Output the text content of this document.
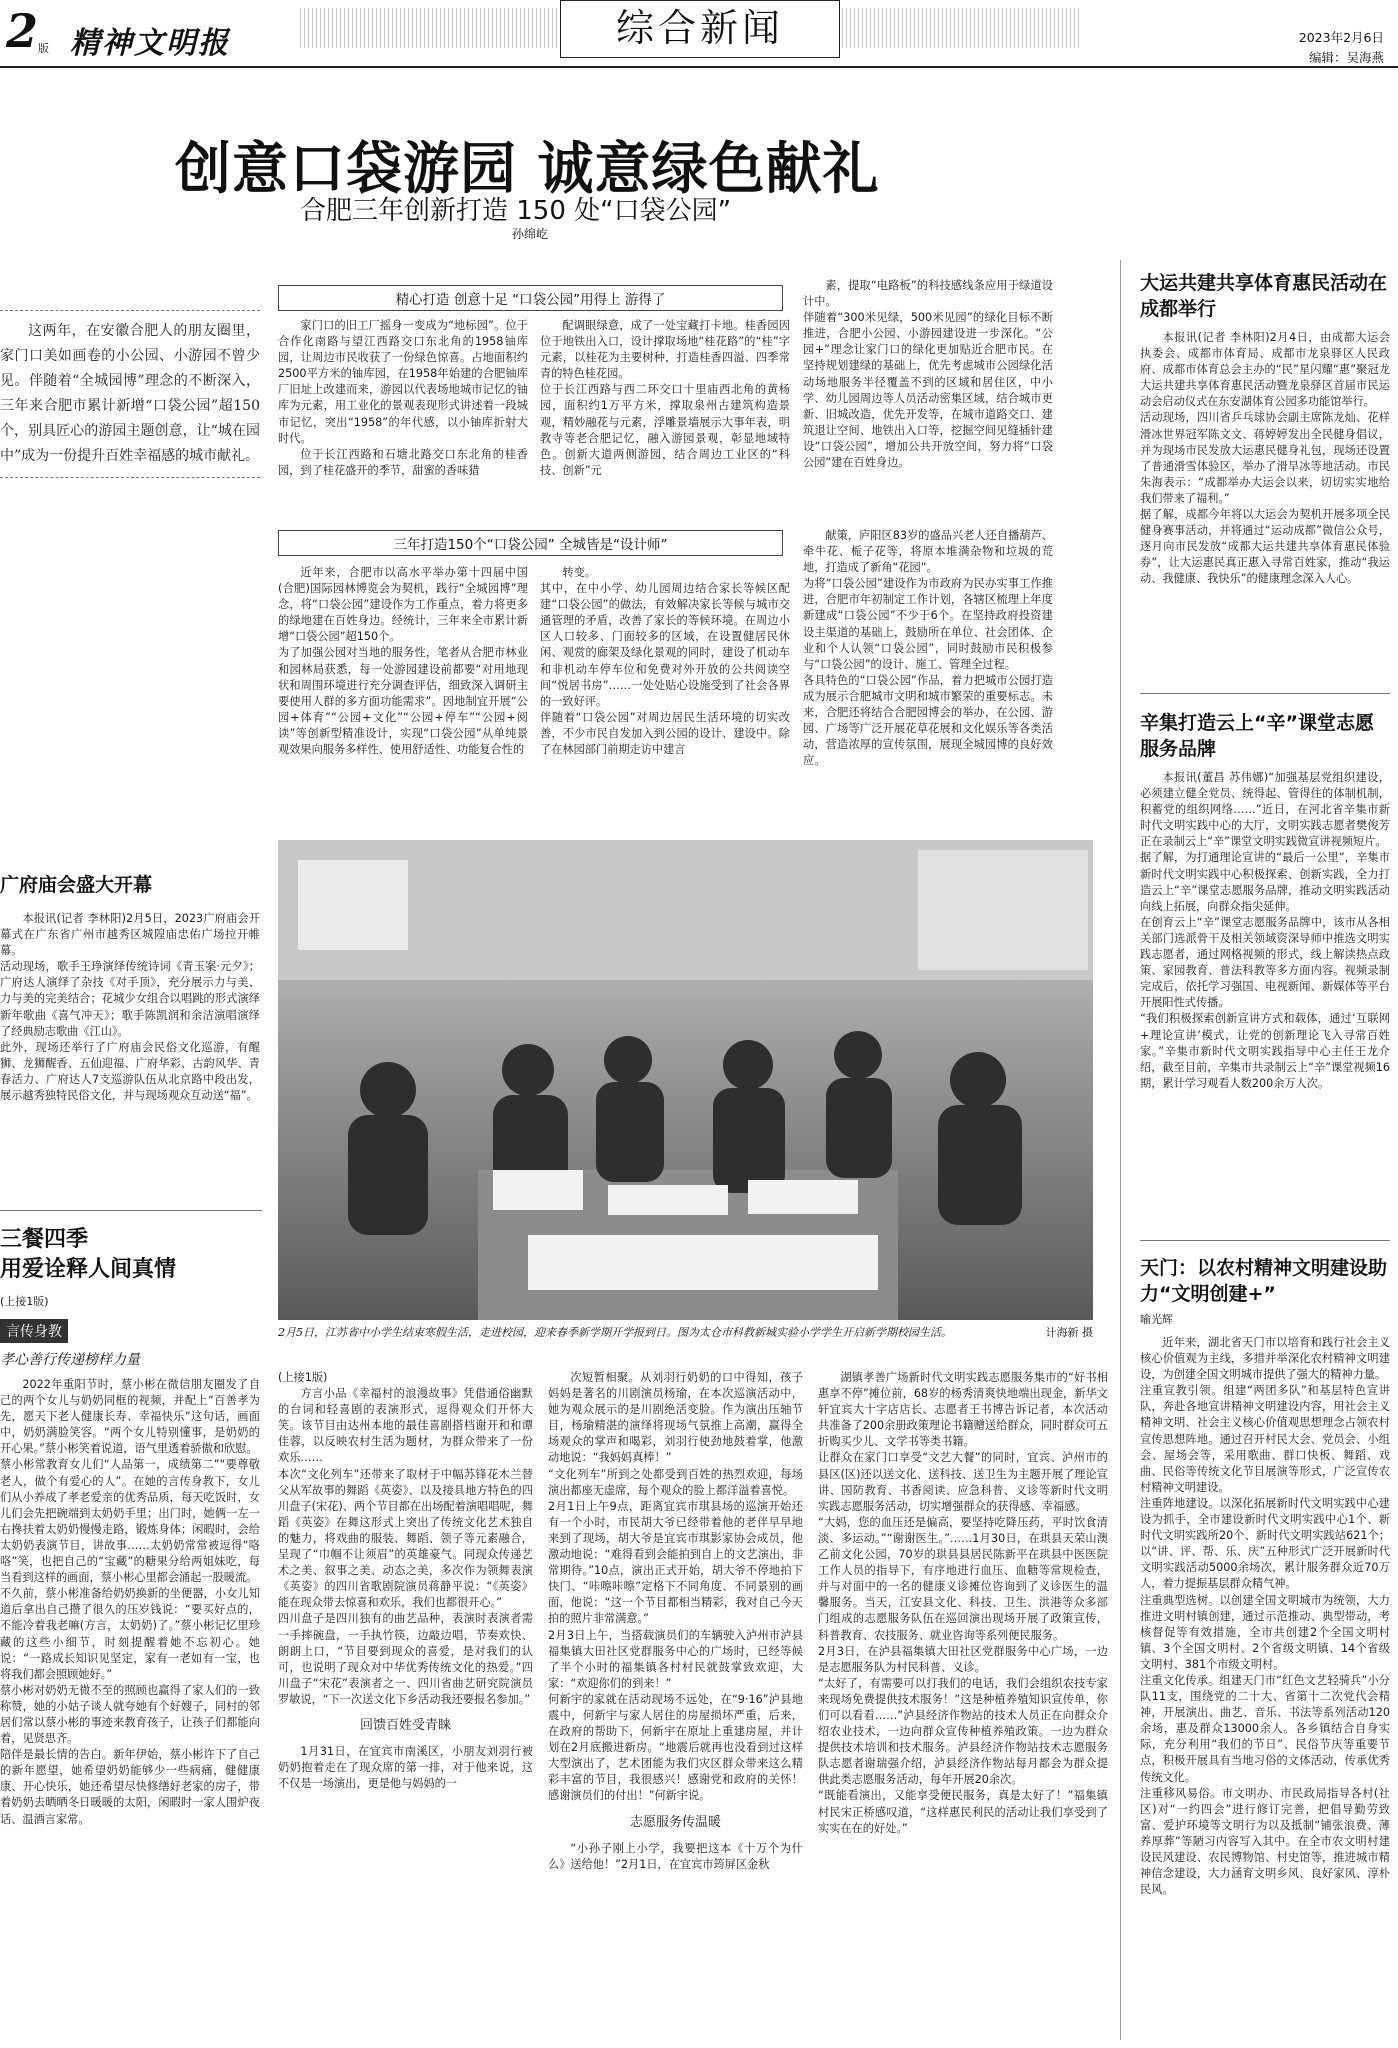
2 版 精神文明报	综合新闻	2023年2月6日
编辑：吴海燕
创意口袋游园 诚意绿色献礼
合肥三年创新打造 150 处“口袋公园”
孙绵屹
这两年，在安徽合肥人的朋友圈里，家门口美如画卷的小公园、小游园不曾少见。伴随着“全城园博”理念的不断深入，三年来合肥市累计新增“口袋公园”超150个，别具匠心的游园主题创意，让“城在园中”成为一份提升百姓幸福感的城市献礼。
精心打造 创意十足 “口袋公园”用得上 游得了

家门口的旧工厂摇身一变成为“地标园”。位于合作化南路与望江西路交口东北角的1958铀库园，让周边市民收获了一份绿色惊喜。占地面积约2500平方米的铀库园，在1958年始建的合肥铀库厂旧址上改建而来，游园以代表场地城市记忆的铀库为元素，用工业化的景观表现形式讲述着一段城市记忆，突出“1958”的年代感，以小铀库折射大时代。

位于长江西路和石塘北路交口东北角的桂香园，到了桂花盛开的季节，甜蜜的香味猎

配调眼绿意，成了一处宝藏打卡地。桂香园因位于地铁出入口，设计撑取场地“桂花路”的“桂”字元素，以桂花为主要树种，打造桂香四溢、四季常青的特色桂花园。
位于长江西路与西二环交口十里庙西北角的黄杨园，面积约1万平方米，撑取泉州古建筑构造景观，精妙融花与元素，浮雕景墙展示大事年表，明教寺等老合肥记忆，融入游园景观，彰显地域特色。创新大道两侧游园，结合周边工业区的“科技、创新”元
素，提取“电路板”的科技感线条应用于绿道设计中。
伴随着“300米见绿，500米见园”的绿化目标不断推进，合肥小公园、小游园建设进一步深化。“公园+”理念让家门口的绿化更加贴近合肥市民。在坚持规划建绿的基础上，优先考虑城市公园绿化活动场地服务半径覆盖不到的区域和居住区，中小学、幼儿园周边等人员活动密集区域，结合城市更新、旧城改造，优先开发等，在城市道路交口、建筑退让空间、地铁出入口等，挖掘空间见缝插针建设“口袋公园”，增加公共开放空间，努力将“口袋公园”建在百姓身边。
三年打造150个“口袋公园” 全城皆是“设计师”
近年来，合肥市以高水平举办第十四届中国(合肥)国际园林博览会为契机，践行“全城园博”理念，将“口袋公园”建设作为工作重点，着力将更多的绿地建在百姓身边。经统计，三年来全市累计新增“口袋公园”超150个。
为了加强公园对当地的服务性，笔者从合肥市林业和园林局获悉，每一处游园建设前都要“对用地现状和周围环境进行充分调查评估，细致深入调研主要使用人群的多方面功能需求”。因地制宜开展“公园+体育”“公园+文化”“公园+停车”“公园+阅读”等创新型精准设计，实现“口袋公园”从单纯景观效果向服务多样性、使用舒适性、功能复合性的
转变。
其中，在中小学、幼儿园周边结合家长等候区配建“口袋公园”的做法，有效解决家长等候与城市交通管理的矛盾，改善了家长的等候环境。在周边小区人口较多、门面较多的区域，在设置健居民休闲、观赏的廊架及绿化景观的同时，建设了机动车和非机动车停车位和免费对外开放的公共阅读空间“悦居书房”……一处处贴心设施受到了社会各界的一致好评。
伴随着“口袋公园”对周边居民生活环境的切实改善，不少市民自发加入到公园的设计、建设中。除了在林园部门前期走访中建言
献策，庐阳区83岁的盛品兴老人还自播葫芦、牵牛花、栀子花等，将原本堆满杂物和垃圾的荒地，打造成了新角“花园”。
为将“口袋公园”建设作为市政府为民办实事工作推进，合肥市年初制定工作计划，各辖区梳理上年度新建成“口袋公园”不少于6个。在坚持政府投资建设主渠道的基础上，鼓励所在单位、社会团体、企业和个人认领“口袋公园”，同时鼓励市民积极参与“口袋公园”的设计、施工、管理全过程。
各具特色的“口袋公园”作品，着力把城市公园打造成为展示合肥城市文明和城市繁荣的重要标志。未来，合肥还将结合合肥园博会的举办，在公园、游园、广场等广泛开展花草花展和文化娱乐等各类活动，营造浓厚的宣传氛围，展现全城园博的良好效应。
大运共建共享体育惠民活动在成都举行
本报讯(记者 李林阳)2月4日，由成都大运会执委会、成都市体育局、成都市龙泉驿区人民政府、成都市体育总会主办的“民”星闪耀“惠”聚冠龙大运共建共享体育惠民活动暨龙泉驿区首届市民运动会启动仪式在东安湖体育公园多功能馆举行。
活动现场，四川省乒乓球协会副主席陈龙灿、花样滑冰世界冠军陈文文、蒋婷婷发出全民健身倡议，并为现场市民发放大运惠民健身礼包，现场还设置了普通滑雪体验区，举办了滑旱冰等地活动。市民朱海表示：“成都举办大运会以来，切切实实地给我们带来了福利。”
据了解，成都今年将以大运会为契机开展多项全民健身赛事活动，并将通过“运动成都”微信公众号，逐月向市民发放“成都大运共建共享体育惠民体验券”，让大运惠民真正惠入寻常百姓家，推动“我运动、我健康、我快乐”的健康理念深入人心。
辛集打造云上“辛”课堂志愿服务品牌
本报讯(董昌 苏伟娜)“加强基层党组织建设，必须建立健全党员、统得起、管得住的体制机制，积蓄党的组织网络……”近日，在河北省辛集市新时代文明实践中心的大厅，文明实践志愿者樊俊芳正在录制云上“辛”课堂文明实践微宣讲视频短片。
据了解，为打通理论宣讲的“最后一公里”，辛集市新时代文明实践中心积极探索、创新实践，全力打造云上“辛”课堂志愿服务品牌，推动文明实践活动向线上拓展，向群众指尖延伸。
在创育云上“辛”课堂志愿服务品牌中，该市从各相关部门选派骨干及相关领域资深导师中推选文明实践志愿者，通过网格视频的形式，线上解读热点政策、家园教育、普法科教等多方面内容。视频录制完成后，依托学习强国、电视新闻、新媒体等平台开展阳性式传播。
“我们积极探索创新宣讲方式和载体，通过‘互联网+理论宣讲’模式，让党的创新理论飞入寻常百姓家。”辛集市新时代文明实践指导中心主任王龙介绍，截至目前，辛集市共录制云上“辛”课堂视频16期，累计学习观看人数200余万人次。
天门：以农村精神文明建设助力“文明创建+”
喻光辉
近年来，湖北省天门市以培育和践行社会主义核心价值观为主线，多措并举深化农村精神文明建设，为创建全国文明城市提供了强大的精神力量。
注重宣教引领。组建“两团多队”和基层特色宣讲队，奔赴各地宣讲精神文明建设内容，用社会主义精神文明、社会主义核心价值观思想理念占领农村宣传思想阵地。通过召开村民大会、党员会、小组会、屋场会等，采用歌曲、群口快板、舞蹈、戏曲、民俗等传统文化节目展演等形式，广泛宣传农村精神文明建设。
注重阵地建设。以深化拓展新时代文明实践中心建设为抓手，全市建设新时代文明实践中心1个、新时代文明实践所20个、新时代文明实践站621个；以“讲、评、帮、乐、庆”五种形式广泛开展新时代文明实践活动5000余场次，累计服务群众近70万人，着力提振基层群众精气神。
注重典型选树。以创建全国文明城市为统领，大力推进文明村镇创建，通过示范推动、典型带动，考核督促等有效措施，全市共创建2个全国文明村镇、3个全国文明村、2个省级文明镇、14个省级文明村、381个市级文明村。
注重文化传承。组建天门市“红色文艺轻骑兵”小分队11支，围绕党的二十大、省第十二次党代会精神，开展演出、曲艺、音乐、书法等系列活动120余场，惠及群众13000余人。各乡镇结合自身实际，充分利用“我们的节日”、民俗节庆等重要节点，积极开展具有当地习俗的文体活动，传承优秀传统文化。
注重移风易俗。市文明办、市民政局指导各村(社区)对“一约四会”进行修订完善，把倡导勤劳致富、爱护环境等文明行为以及抵制“铺张浪费、薄养厚葬”等陋习内容写入其中。在全市农文明村建设民风建设、农民博物馆、村史馆等，推进城市精神信念建设，大力涵育文明乡风、良好家风、淳朴民风。
广府庙会盛大开幕
本报讯(记者 李林阳)2月5日，2023广府庙会开幕式在广东省广州市越秀区城隍庙忠佑广场拉开帷幕。
活动现场，歌手王琤演绎传统诗词《青玉案·元夕》；广府达人演绎了杂技《对手顶》，充分展示力与美、力与美的完美结合；花城少女组合以唱跳的形式演绎新年歌曲《喜气冲天》；歌手陈凯润和余洁演唱演绎了经典励志歌曲《江山》。
此外，现场还举行了广府庙会民俗文化巡游，有醒狮、龙狮醒香、五仙迎福、广府华彩、古韵风华、青春活力、广府达人7支巡游队伍从北京路中段出发，展示越秀独特民俗文化，并与现场观众互动送“福”。
三餐四季
用爱诠释人间真情
(上接1版)
言传身教
孝心善行传递榜样力量
2022年重阳节时，蔡小彬在微信朋友圈发了自己的两个女儿与奶奶同框的视频，并配上“百善孝为先，愿天下老人健康长寿、幸福快乐”这句话，画面中，奶奶满脸笑容。“两个女儿特别懂事，是奶奶的开心果。”蔡小彬笑着说道，语气里透着骄傲和欣慰。
蔡小彬常教育女儿们“人品第一，成绩第二”“要尊敬老人，做个有爱心的人”。在她的言传身教下，女儿们从小养成了孝老爱亲的优秀品质，每天吃饭时，女儿们会先把碗端到太奶奶手里；出门时，她俩一左一右搀扶着太奶奶慢慢走路，锻炼身体；闲暇时，会给太奶奶表演节目，讲故事……太奶奶常常被逗得“咯咯”笑，也把自己的“宝藏”的糖果分给两姐妹吃，每当看到这样的画面，蔡小彬心里都会涌起一股暖流。
不久前，蔡小彬准备给奶奶换新的坐便器，小女儿知道后拿出自己攒了很久的压岁钱说：“要买好点的，不能冷着我老嘛(方言，太奶奶)了。”蔡小彬记忆里珍藏的这些小细节，时刻提醒着她不忘初心。她说：“一路成长知识见坚定，家有一老如有一宝，也将我们都会照顾她好。”
蔡小彬对奶奶无微不至的照顾也赢得了家人们的一致称赞，她的小姑子谈人就夸她有个好嫂子，同村的邻居们常以蔡小彬的事迹来教育孩子，让孩子们都能向着，见贤思齐。
陪伴是最长情的告白。新年伊始，蔡小彬许下了自己的新年愿望，她希望奶奶能够少一些病痛，健健康康、开心快乐，她还希望尽快修缮好老家的房子，带着奶奶去晒晒冬日暖暖的太阳，闲暇时一家人围炉夜话、温酒言家常。
2月5日，江苏省中小学生结束寒假生活，走进校园，迎来春季新学期开学报到日。图为太仓市科教新城实验小学学生开启新学期校园生活。	计海新 摄
(上接1版)
方言小品《幸福村的浪漫故事》凭借通俗幽默的台词和轻喜剧的表演形式，逗得观众们开怀大笑。该节目由达州本地的最佳喜剧搭档谢开和和谭佳蓉，以反映农村生活为题材，为群众带来了一份欢乐……
本次“文化列车”还带来了取材于中幅苏锋花木兰替父从军故事的舞蹈《英姿》、以及接具地方特色的四川盘子(宋花)、两个节目都在出场配着演唱唱呢，舞蹈《英姿》在舞这形式上突出了传统文化艺术独自的魅力，将戏曲的服装、舞蹈、领子等元素融合，呈现了“巾帼不让须眉”的英雄豪气。同现众传递艺术之美、叙事之美、动态之美，多次作为领舞表演《英姿》的四川省歌剧院演员蒋静平说：“《英姿》能在现众带去惊喜和欢乐，我们也都很开心。”
四川盘子是四川独有的曲艺品种，表演时表演者需一手摔碗盘，一手执竹筷，边敲边唱，节奏欢快、朗朗上口，“节目要到现众的喜爱，是对我们的认可，也说明了现众对中华优秀传统文化的热爱。”四川盘子“宋花”表演者之一、四川省曲艺研究院演员罗敏说，“下一次送文化下乡活动我还要报名参加。”
回馈百姓受青睐
1月31日，在宜宾市南溪区，小朋友刘羽行被奶奶抱着走在了现众席的第一排，对于他来说，这不仅是一场演出，更是他与妈妈的一
次短暂相聚。从刘羽行奶奶的口中得知，孩子妈妈是著名的川剧演员杨瑜，在本次巡演活动中，她为观众展示的是川剧绝活变脸。作为演出压轴节目，杨瑜精湛的演绎将现场气氛推上高潮，赢得全场观众的掌声和喝彩，刘羽行使劲地鼓着掌，他激动地说：“我妈妈真棒！”
“文化列车”所到之处都受到百姓的热烈欢迎，每场演出都座无虚席，每个观众的脸上都洋溢着喜悦。
2月1日上午9点，距离宜宾市琪县场的巡演开始还有一个小时，市民胡大爷已经带着他的老伴早早地来到了现场，胡大爷是宜宾市琪影家协会成员，他激动地说：“难得看到会能拍到自上的文艺演出，非常期待。”10点，演出正式开始，胡大爷不停地拍下快门、“咔嚓咔嚓”定格下不同角度、不同景别的画面，他说：“这一个节目都相当精彩，我对自己今天拍的照片非常满意。”
2月3日上午，当搭载演员们的车辆驶入泸州市泸县福集镇大田社区党群服务中心的广场时，已经等候了半个小时的福集镇各村村民就鼓掌致欢迎，大家：“欢迎你们的到来！”
何新宇的家就在活动现场不远处，在“9·16”泸县地震中，何新宇与家人居住的房屋损坏严重，后来，在政府的帮助下，何新宇在原址上重建房屋，并计划在2月底搬进新房。“地震后就再也没看到过这样大型演出了，艺术团能为我们灾区群众带来这么精彩丰富的节目，我很感兴！感谢党和政府的关怀！感谢演员们的付出！”何新宇说。
志愿服务传温暖
“小孙子刚上小学，我要把这本《十万个为什么》送给他！”2月1日，在宜宾市筠屏区金秋
湖镇孝善广场新时代文明实践志愿服务集市的“好书相惠享不停”摊位前，68岁的杨秀清爽快地端出现金，新华文轩宜宾大十字店店长、志愿者王书博告诉记者，本次活动共准备了200余册政策理论书籍赠送给群众，同时群众可五折购买少儿、文学书等类书籍。
让群众在家门口享受“文艺大餐”的同时，宜宾、泸州市的县区(区)还以送文化、送科技、送卫生为主题开展了理论宣讲、国防教育、书香阅读、应急科普、义诊等新时代文明实践志愿服务活动，切实增强群众的获得感、幸福感。
“大妈，您的血压还是偏高，要坚持吃降压药，平时饮食清淡、多运动。”“谢谢医生。”……1月30日，在珙县天荣山澳乙前文化公园，70岁的珙县县居民陈新平在珙县中医医院工作人员的指导下，有序地进行血压、血糖等常规检查，并与对面中的一名的健康义诊摊位咨询到了义诊医生的温馨服务。当天，江安县文化、科技、卫生、洪港等众多部门组成的志愿服务队伍在巡回演出现场开展了政策宣传，科普教育、农技服务、就业咨询等系列便民服务。
2月3日，在泸县福集镇大田社区党群服务中心广场，一边是志愿服务队为村民科普、义诊。
“太好了，有需要可以打我们的电话，我们会组织农技专家来现场免费提供技术服务！”这是种植养殖知识宣传单，你们可以看看……”泸县经济作物站的技术人员正在向群众介绍农业技术，一边向群众宣传种植养殖政策。一边为群众提供技术培训和技术服务。泸县经济作物站技术志愿服务队志愿者谢瑞强介绍，泸县经济作物站每月都会为群众提供此类志愿服务活动，每年开展20余次。
“既能看演出，又能享受便民服务，真是太好了！”福集镇村民宋正桥感叹道，“这样惠民利民的活动让我们享受到了实实在在的好处。”
